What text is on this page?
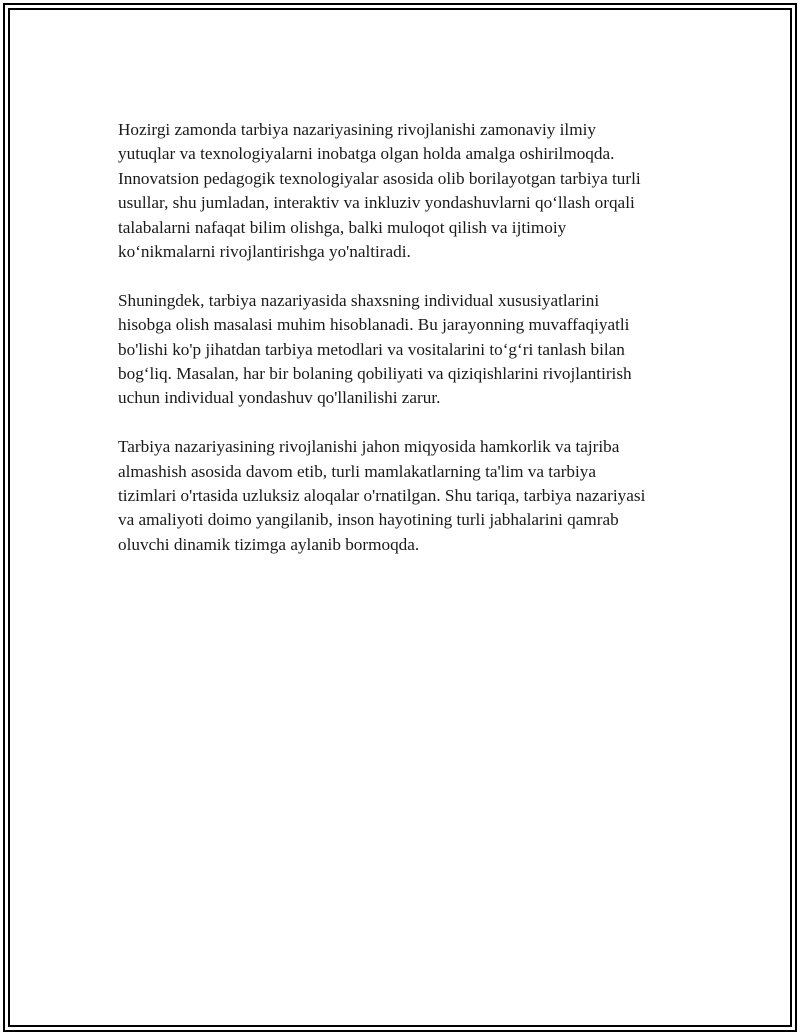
Hozirgi zamonda tarbiya nazariyasining rivojlanishi zamonaviy ilmiy
yutuqlar va texnologiyalarni inobatga olgan holda amalga oshirilmoqda.
Innovatsion pedagogik texnologiyalar asosida olib borilayotgan tarbiya turli
usullar, shu jumladan, interaktiv va inkluziv yondashuvlarni qo‘llash orqali
talabalarni nafaqat bilim olishga, balki muloqot qilish va ijtimoiy
ko‘nikmalarni rivojlantirishga yo'naltiradi.

Shuningdek, tarbiya nazariyasida shaxsning individual xususiyatlarini
hisobga olish masalasi muhim hisoblanadi. Bu jarayonning muvaffaqiyatli
bo'lishi ko'p jihatdan tarbiya metodlari va vositalarini to‘g‘ri tanlash bilan
bog‘liq. Masalan, har bir bolaning qobiliyati va qiziqishlarini rivojlantirish
uchun individual yondashuv qo'llanilishi zarur.

Tarbiya nazariyasining rivojlanishi jahon miqyosida hamkorlik va tajriba
almashish asosida davom etib, turli mamlakatlarning ta'lim va tarbiya
tizimlari o'rtasida uzluksiz aloqalar o'rnatilgan. Shu tariqa, tarbiya nazariyasi
va amaliyoti doimo yangilanib, inson hayotining turli jabhalarini qamrab
oluvchi dinamik tizimga aylanib bormoqda.
